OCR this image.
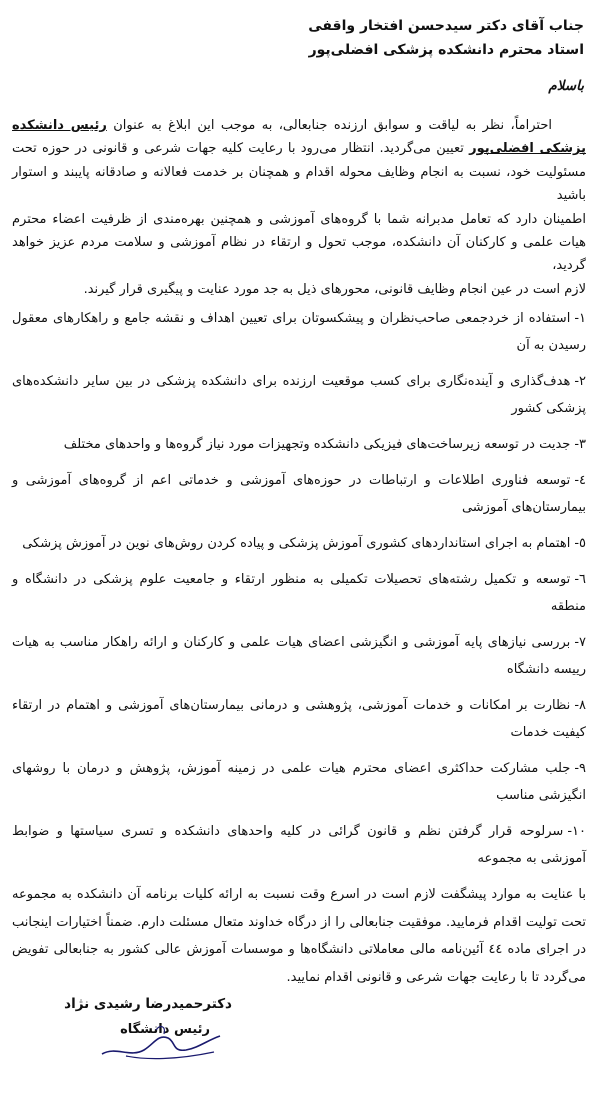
جناب آقای دکتر سیدحسن افتخار واقفی
استاد محترم دانشکده پزشکی افضلی‌پور
باسلام

احتراماً، نظر به لیاقت و سوابق ارزنده جنابعالی، به موجب این ابلاغ به عنوان رئیس دانشکده پزشکی افضلی‌پور تعیین می‌گردید. انتظار می‌رود با رعایت کلیه جهات شرعی و قانونی در حوزه تحت مسئولیت خود، نسبت به انجام وظایف محوله اقدام و همچنان بر خدمت فعالانه و صادقانه پایبند و استوار باشید

اطمینان دارد که تعامل مدبرانه شما با گروه‌های آموزشی و همچنین بهره‌مندی از ظرفیت اعضاء محترم هیات علمی و کارکنان آن دانشکده، موجب تحول و ارتقاء در نظام آموزشی و سلامت مردم عزیز خواهد گردید،

لازم است در عین انجام وظایف قانونی، محورهای ذیل به جد مورد عنایت و پیگیری قرار گیرند.

۱-استفاده از خردجمعی صاحب‌نظران و پیشکسوتان برای تعیین اهداف و نقشه جامع و راهکارهای معقول رسیدن به آن
۲-هدف‌گذاری و آینده‌نگاری برای کسب موقعیت ارزنده برای دانشکده پزشکی در بین سایر دانشکده‌های پزشکی کشور
۳-جدیت در توسعه زیرساخت‌های فیزیکی دانشکده وتجهیزات مورد نیاز گروه‌ها و واحدهای مختلف
٤-توسعه فناوری اطلاعات و ارتباطات در حوزه‌های آموزشی و خدماتی اعم از گروه‌های آموزشی و بیمارستان‌های آموزشی
٥-اهتمام به اجرای استانداردهای کشوری آموزش پزشکی و پیاده کردن روش‌های نوین در آموزش پزشکی
٦-توسعه و تکمیل رشته‌های تحصیلات تکمیلی به منظور ارتقاء و جامعیت علوم پزشکی در دانشگاه و منطقه
۷-بررسی نیازهای پایه آموزشی و انگیزشی اعضای هیات علمی و کارکنان و ارائه راهکار مناسب به هیات رییسه دانشگاه
۸-نظارت بر امکانات و خدمات آموزشی، پژوهشی و درمانی بیمارستان‌های آموزشی و اهتمام در ارتقاء کیفیت خدمات
۹-جلب مشارکت حداکثری اعضای محترم هیات علمی در زمینه آموزش، پژوهش و درمان با روشهای انگیزشی مناسب
۱۰-سرلوحه قرار گرفتن نظم و قانون گرائی در کلیه واحدهای دانشکده و تسری سیاستها و ضوابط آموزشی به مجموعه

با عنایت به موارد پیشگفت لازم است در اسرع وقت نسبت به ارائه کلیات برنامه آن دانشکده به مجموعه تحت تولیت اقدام فرمایید. موفقیت جنابعالی را از درگاه خداوند متعال مسئلت دارم. ضمناً اختیارات اینجانب در اجرای ماده ٤٤ آئین‌نامه مالی معاملاتی دانشگاه‌ها و موسسات آموزش عالی کشور به جنابعالی تفویض می‌گردد تا با رعایت جهات شرعی و قانونی اقدام نمایید.

دکترحمیدرضا رشیدی نژاد
رئیس دانشگاه
